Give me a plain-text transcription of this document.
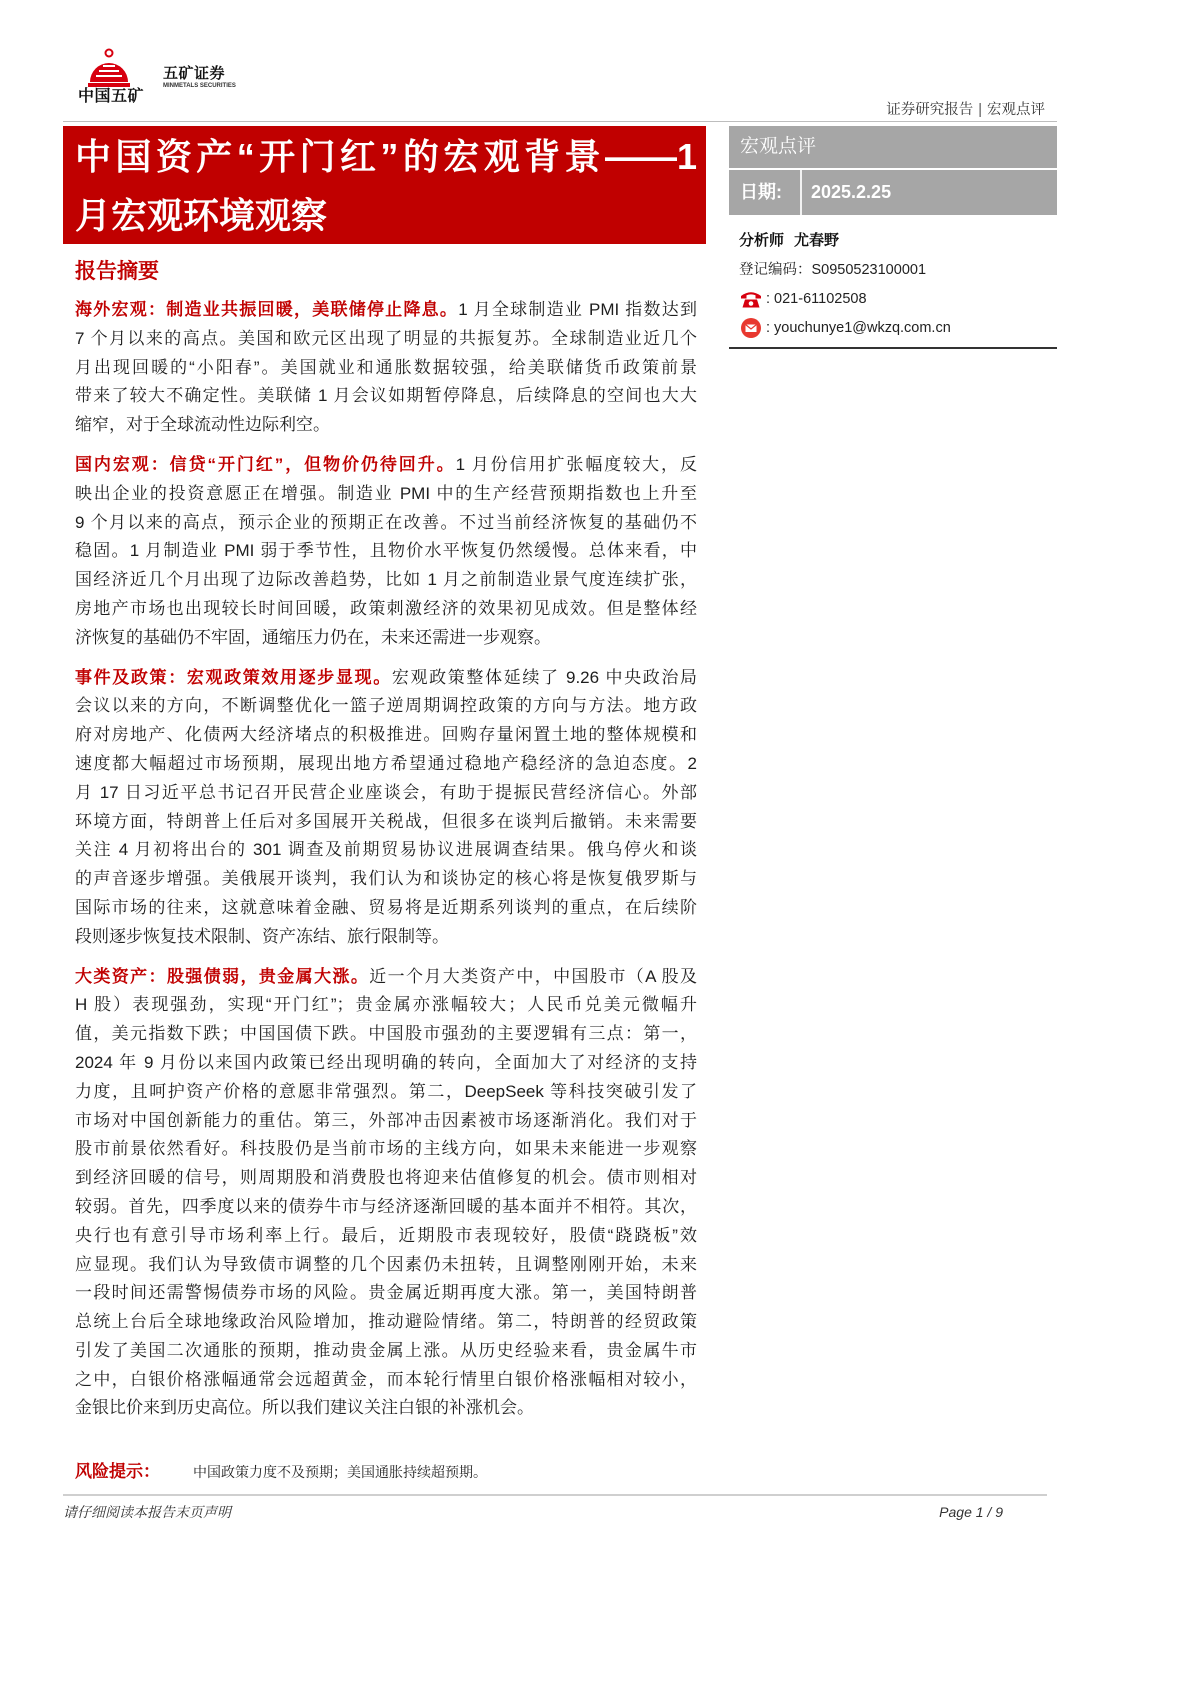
中国五矿
五矿证券
MINMETALS SECURITIES
证券研究报告 | 宏观点评
中国资产“开门红”的宏观背景——1
月宏观环境观察
宏观点评
日期: 2025.2.25
分析师 尤春野
登记编码：S0950523100001
: 021-61102508
: youchunye1@wkzq.com.cn
报告摘要
海外宏观：制造业共振回暖，美联储停止降息。1 月全球制造业 PMI 指数达到
7 个月以来的高点。美国和欧元区出现了明显的共振复苏。全球制造业近几个
月出现回暖的“小阳春”。美国就业和通胀数据较强，给美联储货币政策前景
带来了较大不确定性。美联储 1 月会议如期暂停降息，后续降息的空间也大大
缩窄，对于全球流动性边际利空。
国内宏观：信贷“开门红”，但物价仍待回升。1 月份信用扩张幅度较大，反
映出企业的投资意愿正在增强。制造业 PMI 中的生产经营预期指数也上升至
9 个月以来的高点，预示企业的预期正在改善。不过当前经济恢复的基础仍不
稳固。1 月制造业 PMI 弱于季节性，且物价水平恢复仍然缓慢。总体来看，中
国经济近几个月出现了边际改善趋势，比如 1 月之前制造业景气度连续扩张，
房地产市场也出现较长时间回暖，政策刺激经济的效果初见成效。但是整体经
济恢复的基础仍不牢固，通缩压力仍在，未来还需进一步观察。
事件及政策：宏观政策效用逐步显现。宏观政策整体延续了 9.26 中央政治局
会议以来的方向，不断调整优化一篮子逆周期调控政策的方向与方法。地方政
府对房地产、化债两大经济堵点的积极推进。回购存量闲置土地的整体规模和
速度都大幅超过市场预期，展现出地方希望通过稳地产稳经济的急迫态度。2
月 17 日习近平总书记召开民营企业座谈会，有助于提振民营经济信心。外部
环境方面，特朗普上任后对多国展开关税战，但很多在谈判后撤销。未来需要
关注 4 月初将出台的 301 调查及前期贸易协议进展调查结果。俄乌停火和谈
的声音逐步增强。美俄展开谈判，我们认为和谈协定的核心将是恢复俄罗斯与
国际市场的往来，这就意味着金融、贸易将是近期系列谈判的重点，在后续阶
段则逐步恢复技术限制、资产冻结、旅行限制等。
大类资产：股强债弱，贵金属大涨。近一个月大类资产中，中国股市（A 股及
H 股）表现强劲，实现“开门红”；贵金属亦涨幅较大；人民币兑美元微幅升
值，美元指数下跌；中国国债下跌。中国股市强劲的主要逻辑有三点：第一，
2024 年 9 月份以来国内政策已经出现明确的转向，全面加大了对经济的支持
力度，且呵护资产价格的意愿非常强烈。第二，DeepSeek 等科技突破引发了
市场对中国创新能力的重估。第三，外部冲击因素被市场逐渐消化。我们对于
股市前景依然看好。科技股仍是当前市场的主线方向，如果未来能进一步观察
到经济回暖的信号，则周期股和消费股也将迎来估值修复的机会。债市则相对
较弱。首先，四季度以来的债券牛市与经济逐渐回暖的基本面并不相符。其次，
央行也有意引导市场利率上行。最后，近期股市表现较好，股债“跷跷板”效
应显现。我们认为导致债市调整的几个因素仍未扭转，且调整刚刚开始，未来
一段时间还需警惕债券市场的风险。贵金属近期再度大涨。第一，美国特朗普
总统上台后全球地缘政治风险增加，推动避险情绪。第二，特朗普的经贸政策
引发了美国二次通胀的预期，推动贵金属上涨。从历史经验来看，贵金属牛市
之中，白银价格涨幅通常会远超黄金，而本轮行情里白银价格涨幅相对较小，
金银比价来到历史高位。所以我们建议关注白银的补涨机会。
风险提示： 中国政策力度不及预期；美国通胀持续超预期。
请仔细阅读本报告末页声明	Page 1 / 9
